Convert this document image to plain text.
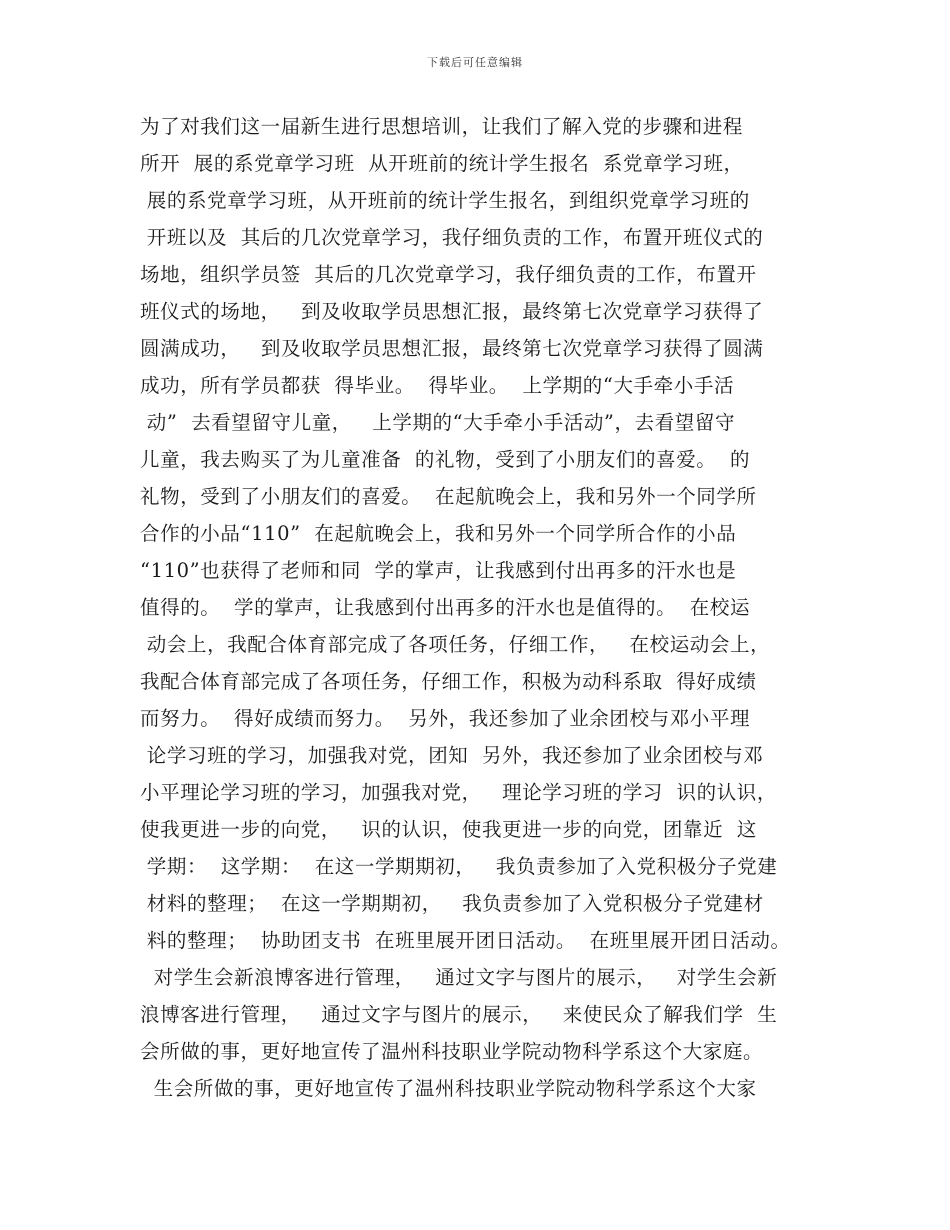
下载后可任意编辑
为了对我们这一届新生进行思想培训，让我们了解入党的步骤和进程
所开  展的系党章学习班  从开班前的统计学生报名  系党章学习班，
展的系党章学习班，从开班前的统计学生报名，到组织党章学习班的
开班以及  其后的几次党章学习，我仔细负责的工作，布置开班仪式的
场地，组织学员签  其后的几次党章学习，我仔细负责的工作，布置开
班仪式的场地，   到及收取学员思想汇报，最终第七次党章学习获得了
圆满成功，   到及收取学员思想汇报，最终第七次党章学习获得了圆满
成功，所有学员都获  得毕业。  得毕业。  上学期的“大手牵小手活
动”  去看望留守儿童，   上学期的“大手牵小手活动”，去看望留守
儿童，我去购买了为儿童准备  的礼物，受到了小朋友们的喜爱。  的
礼物，受到了小朋友们的喜爱。  在起航晚会上，我和另外一个同学所
合作的小品“110”  在起航晚会上，我和另外一个同学所合作的小品
“110”也获得了老师和同  学的掌声，让我感到付出再多的汗水也是
值得的。  学的掌声，让我感到付出再多的汗水也是值得的。  在校运
动会上，我配合体育部完成了各项任务，仔细工作，   在校运动会上，
我配合体育部完成了各项任务，仔细工作，积极为动科系取  得好成绩
而努力。  得好成绩而努力。  另外，我还参加了业余团校与邓小平理
论学习班的学习，加强我对党，团知  另外，我还参加了业余团校与邓
小平理论学习班的学习，加强我对党，   理论学习班的学习  识的认识，
使我更进一步的向党，   识的认识，使我更进一步的向党，团靠近  这
学期：  这学期：  在这一学期期初，   我负责参加了入党积极分子党建
材料的整理；  在这一学期期初，   我负责参加了入党积极分子党建材
料的整理；  协助团支书  在班里展开团日活动。  在班里展开团日活动。
对学生会新浪博客进行管理，   通过文字与图片的展示，   对学生会新
浪博客进行管理，   通过文字与图片的展示，   来使民众了解我们学  生
会所做的事，更好地宣传了温州科技职业学院动物科学系这个大家庭。
生会所做的事，更好地宣传了温州科技职业学院动物科学系这个大家
